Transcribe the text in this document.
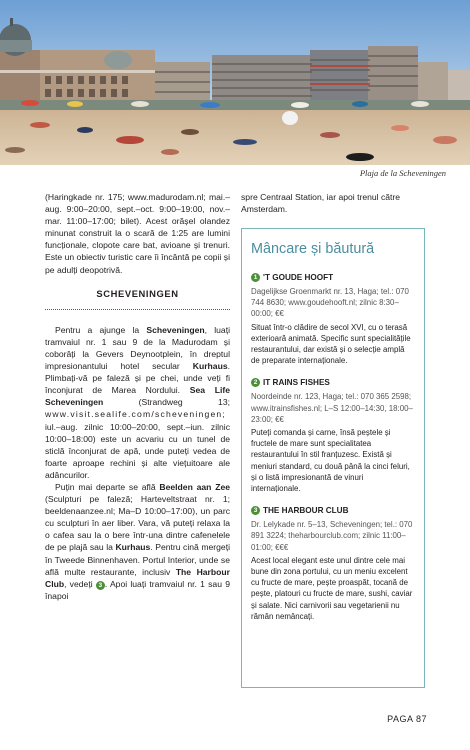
Plaja de la Scheveningen

(Haringkade nr. 175; www.madurodam.nl; mai.–aug. 9:00–20:00, sept.–oct. 9:00–19:00, nov.–mar. 11:00–17:00; bilet). Acest orășel olandez minunat construit la o scară de 1:25 are lumini funcționale, clopote care bat, avioane și trenuri. Este un obiectiv turistic care îi încântă pe copii și pe adulți deopotrivă.

SCHEVENINGEN

Pentru a ajunge la Scheveningen, luați tramvaiul nr. 1 sau 9 de la Madurodam și coborâți la Gevers Deynootplein, în dreptul impresionantului hotel secular Kurhaus. Plimbați-vă pe faleză și pe chei, unde veți fi înconjurat de Marea Nordului. Sea Life Scheveningen (Strandweg 13; www.visit.sealife.com/scheveningen; iul.–aug. zilnic 10:00–20:00, sept.–iun. zilnic 10:00–18:00) este un acvariu cu un tunel de sticlă înconjurat de apă, unde puteți vedea de foarte aproape rechini și alte viețuitoare ale adâncurilor.

Puțin mai departe se află Beelden aan Zee (Sculpturi pe faleză; Harteveltstraat nr. 1; beeldenaanzee.nl; Ma–D 10:00–17:00), un parc cu sculpturi în aer liber. Vara, vă puteți relaxa la o cafea sau la o bere într-una dintre cafenelele de pe plajă sau la Kurhaus. Pentru cină mergeți în Tweede Binnenhaven. Portul Interior, unde se află multe restaurante, inclusiv The Harbour Club, vedeți 3 . Apoi luați tramvaiul nr. 1 sau 9 înapoi

spre Centraal Station, iar apoi trenul către Amsterdam.

Mâncare și băutură
1 'T GOUDE HOOFT
Dagelijkse Groenmarkt nr. 13, Haga; tel.: 070 744 8630; www.goudehooft.nl; zilnic 8:30–00:00; €€
Situat într-o clădire de secol XVI, cu o terasă exterioară animată. Specific sunt specialitățile restaurantului, dar există și o selecție amplă de preparate internaționale.
2 IT RAINS FISHES
Noordeinde nr. 123, Haga; tel.: 070 365 2598; www.itrainsfishes.nl; L–S 12:00–14:30, 18:00–23:00; €€
Puteți comanda și carne, însă peștele și fructele de mare sunt specialitatea restaurantului în stil franțuzesc. Există și meniuri standard, cu două până la cinci feluri, și o listă impresionantă de vinuri internaționale.
3 THE HARBOUR CLUB
Dr. Lelykade nr. 5–13, Scheveningen; tel.: 070 891 3224; theharbourclub.com; zilnic 11:00–01:00; €€€
Acest local elegant este unul dintre cele mai bune din zona portului, cu un meniu excelent cu fructe de mare, pește proaspăt, tocană de pește, platouri cu fructe de mare, sushi, caviar și salate. Nici carnivorii sau vegetarienii nu rămân nemâncați.
PAGA 87
